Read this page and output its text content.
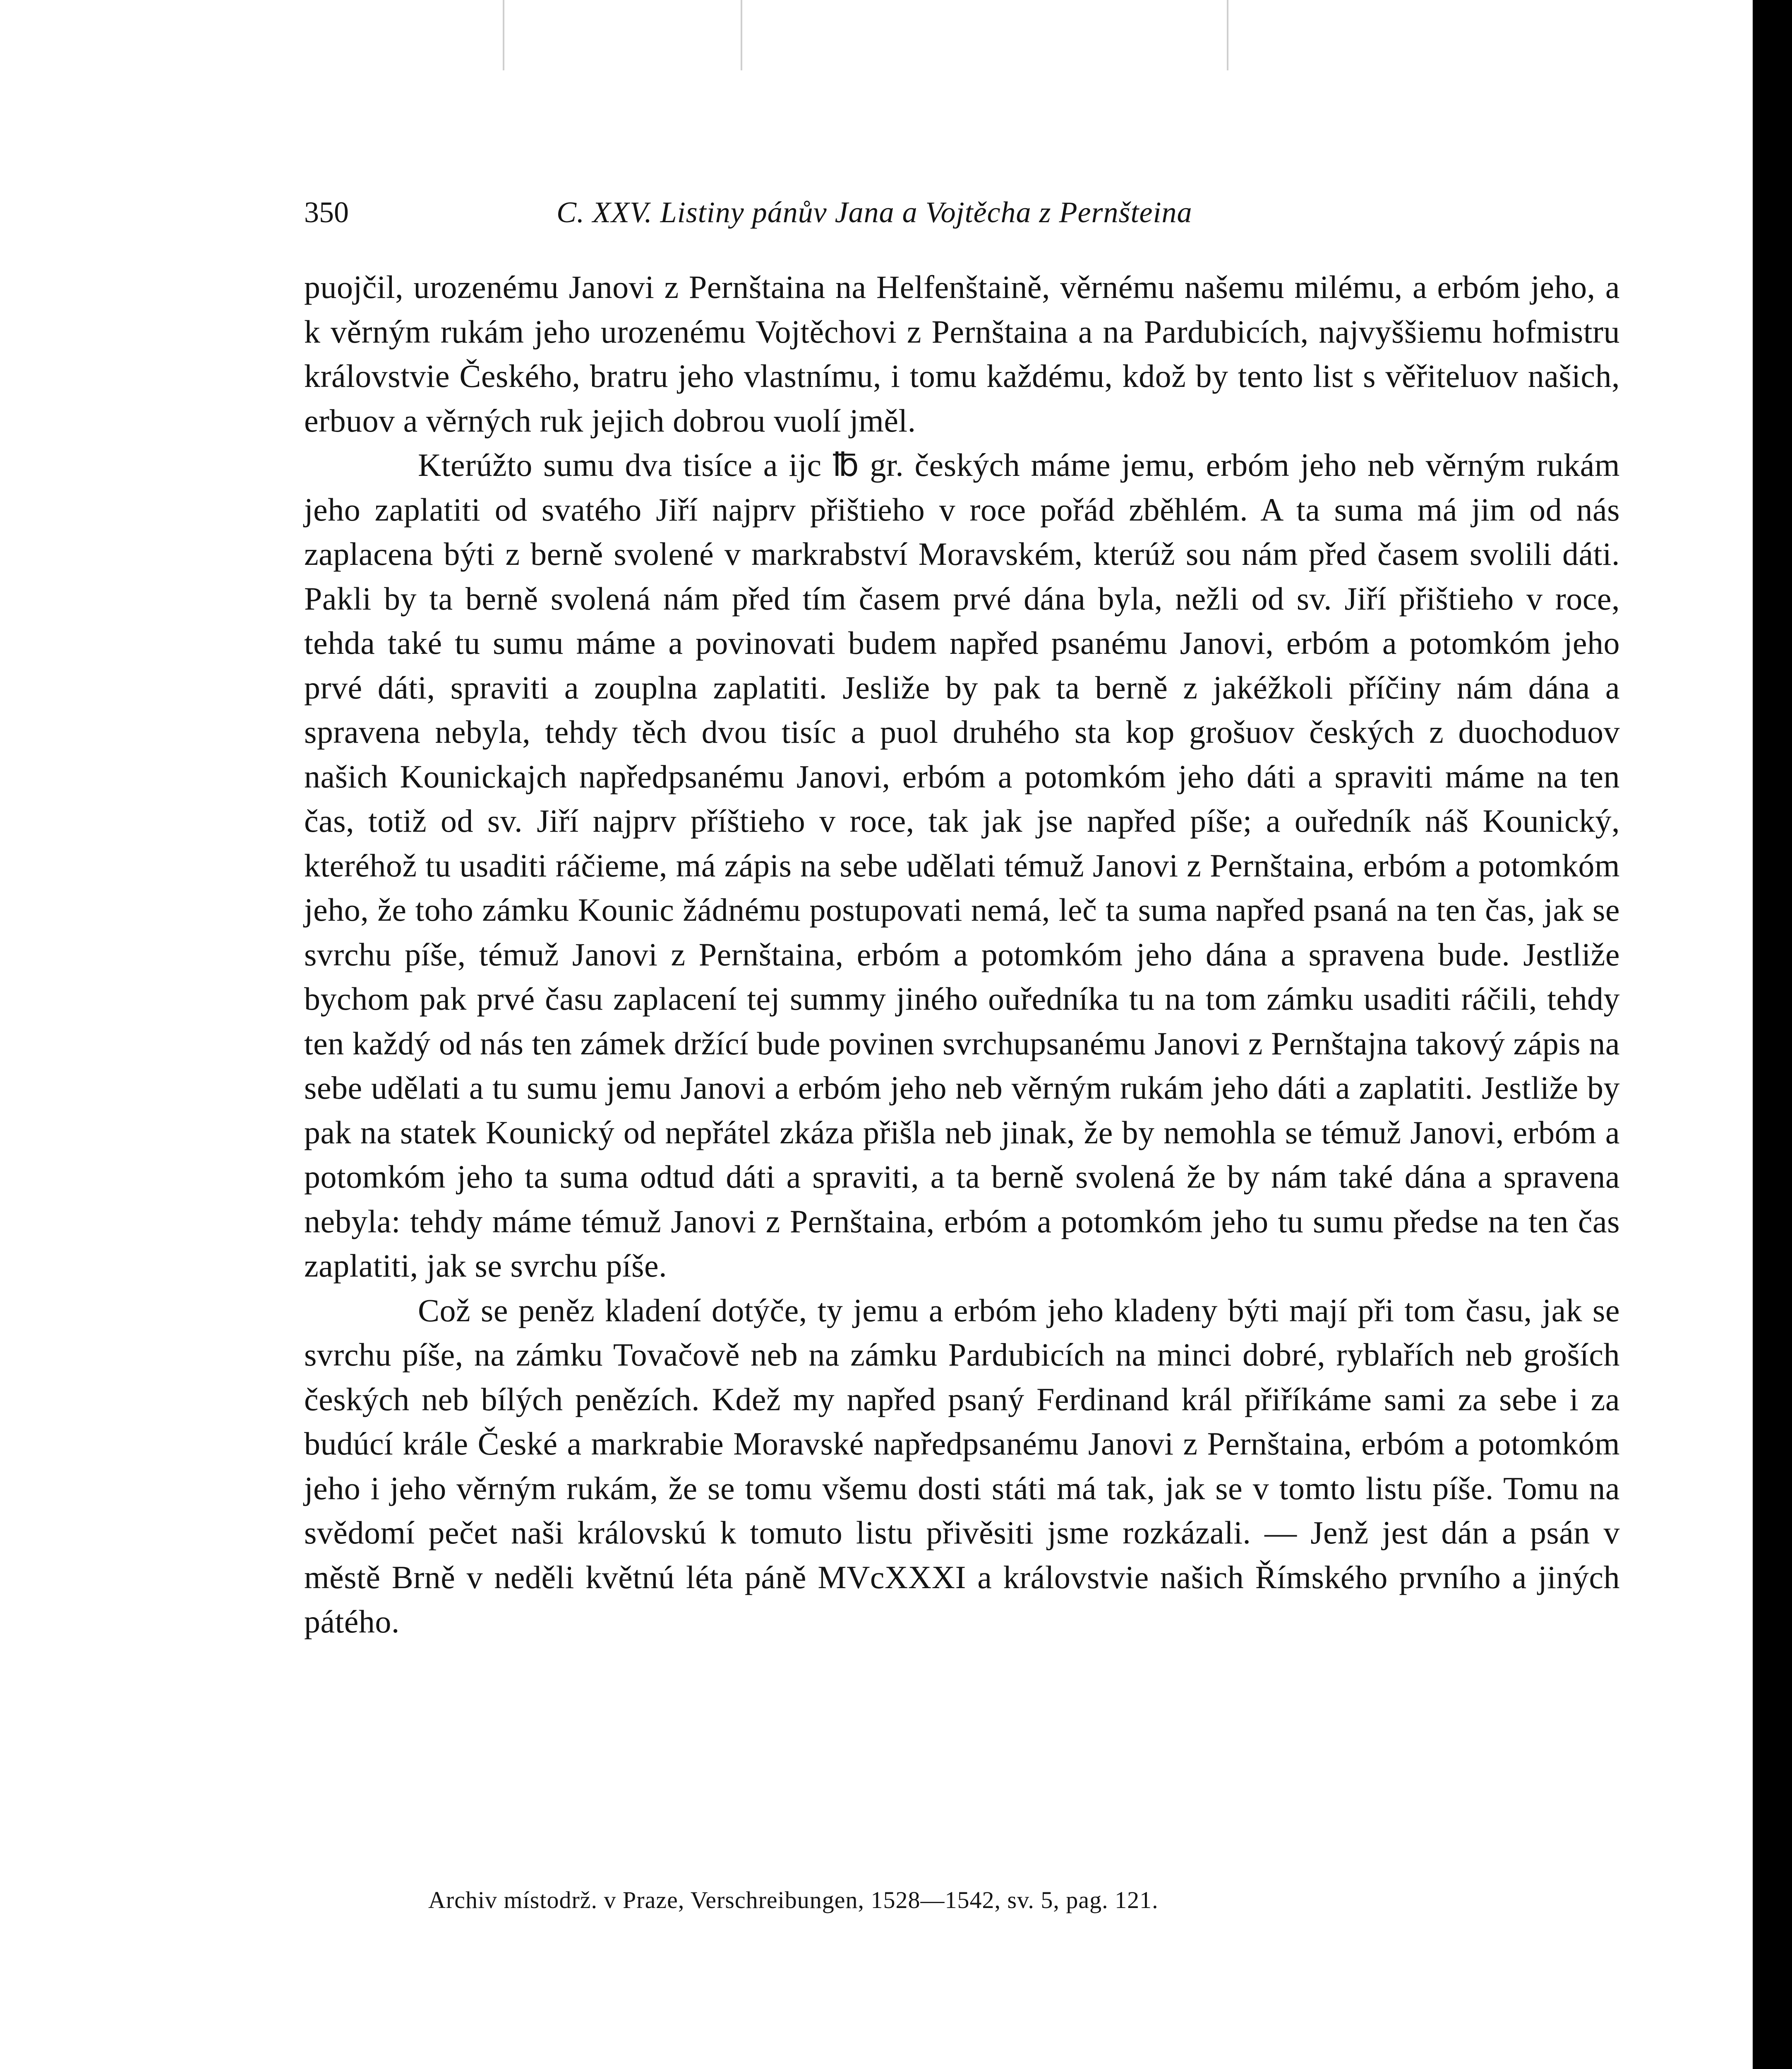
350	C. XXV. Listiny pánův Jana a Vojtěcha z Pernšteina

puojčil, urozenému Janovi z Pernštaina na Helfenštaině, věrnému našemu milému, a erbóm jeho, a k věrným rukám jeho urozenému Vojtěchovi z Pernštaina a na Pardubicích, najvyššiemu hofmistru královstvie Českého, bratru jeho vlastnímu, i tomu každému, kdož by tento list s věřiteluov našich, erbuov a věrných ruk jejich dobrou vuolí jměl.

Kterúžto sumu dva tisíce a ijc ℔ gr. českých máme jemu, erbóm jeho neb věrným rukám jeho zaplatiti od svatého Jiří najprv přištieho v roce pořád zběhlém. A ta suma má jim od nás zaplacena býti z berně svolené v markrabství Moravském, kterúž sou nám před časem svolili dáti. Pakli by ta berně svolená nám před tím časem prvé dána byla, nežli od sv. Jiří přištieho v roce, tehda také tu sumu máme a povinovati budem napřed psanému Janovi, erbóm a potomkóm jeho prvé dáti, spraviti a zouplna zaplatiti. Jesliže by pak ta berně z jakéžkoli příčiny nám dána a spravena nebyla, tehdy těch dvou tisíc a puol druhého sta kop grošuov českých z duochoduov našich Kounickajch napředpsanému Janovi, erbóm a potomkóm jeho dáti a spraviti máme na ten čas, totiž od sv. Jiří najprv příštieho v roce, tak jak jse napřed píše; a ouředník náš Kounický, kteréhož tu usaditi ráčieme, má zápis na sebe udělati témuž Janovi z Pernštaina, erbóm a potomkóm jeho, že toho zámku Kounic žádnému postupovati nemá, leč ta suma napřed psaná na ten čas, jak se svrchu píše, témuž Janovi z Pernštaina, erbóm a potomkóm jeho dána a spravena bude. Jestliže bychom pak prvé času zaplacení tej summy jiného ouředníka tu na tom zámku usaditi ráčili, tehdy ten každý od nás ten zámek držící bude povinen svrchupsanému Janovi z Pernštajna takový zápis na sebe udělati a tu sumu jemu Janovi a erbóm jeho neb věrným rukám jeho dáti a zaplatiti. Jestliže by pak na statek Kounický od nepřátel zkáza přišla neb jinak, že by nemohla se témuž Janovi, erbóm a potomkóm jeho ta suma odtud dáti a spraviti, a ta berně svolená že by nám také dána a spravena nebyla: tehdy máme témuž Janovi z Pernštaina, erbóm a potomkóm jeho tu sumu předse na ten čas zaplatiti, jak se svrchu píše.

Což se peněz kladení dotýče, ty jemu a erbóm jeho kladeny býti mají při tom času, jak se svrchu píše, na zámku Tovačově neb na zámku Pardubicích na minci dobré, ryblařích neb groších českých neb bílých penězích. Kdež my napřed psaný Ferdinand král přiříkáme sami za sebe i za budúcí krále České a markrabie Moravské napředpsanému Janovi z Pernštaina, erbóm a potomkóm jeho i jeho věrným rukám, že se tomu všemu dosti státi má tak, jak se v tomto listu píše. Tomu na svědomí pečet naši královskú k tomuto listu přivěsiti jsme rozkázali. — Jenž jest dán a psán v městě Brně v neděli květnú léta páně MVcXXXI a královstvie našich Římského prvního a jiných pátého.

Archiv místodrž. v Praze, Verschreibungen, 1528—1542, sv. 5, pag. 121.
